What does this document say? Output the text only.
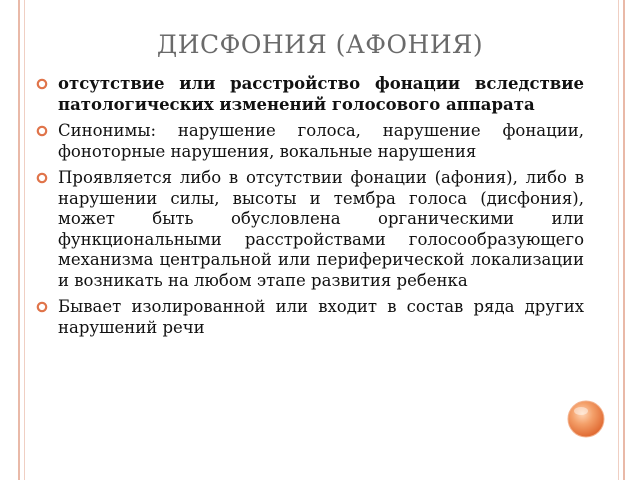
ДИСФОНИЯ (АФОНИЯ)
отсутствие или расстройство фонации вследствие патологических изменений голосового аппарата
Синонимы: нарушение голоса, нарушение фонации, фоноторные нарушения, вокальные нарушения
Проявляется либо в отсутствии фонации (афония), либо в нарушении силы, высоты и тембра голоса (дисфония), может быть обусловлена органическими или функциональными расстройствами голосообразующего механизма центральной или периферической локализации и возникать на любом этапе развития ребенка
Бывает изолированной или входит в состав ряда других нарушений речи
